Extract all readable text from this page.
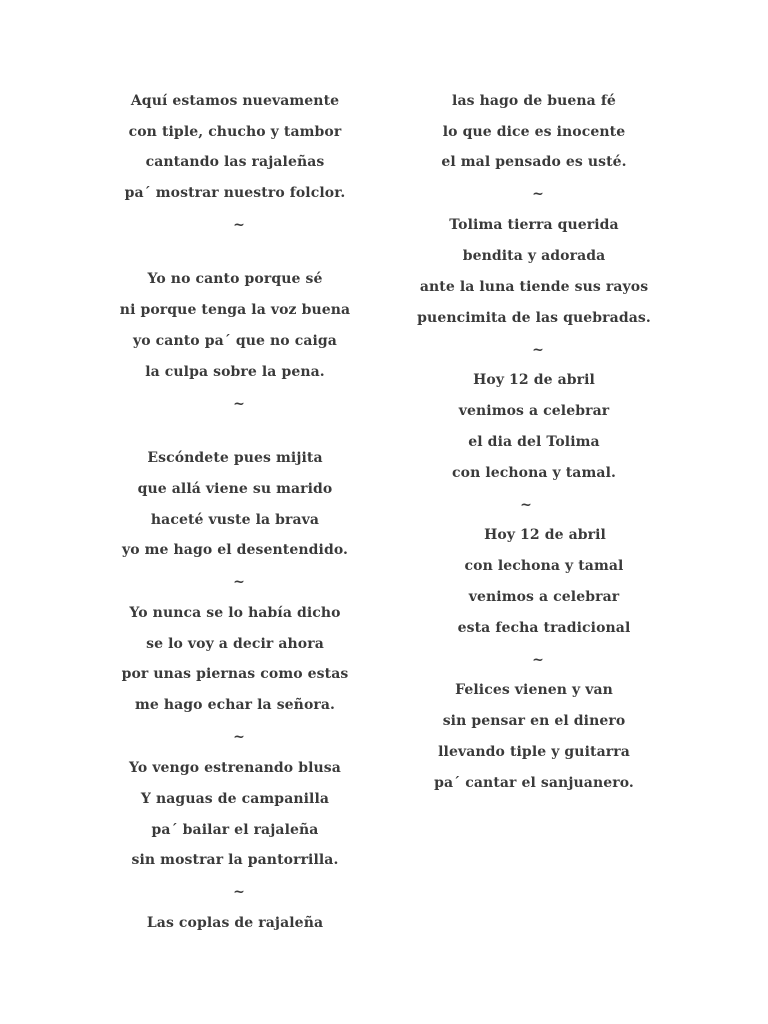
Aquí estamos nuevamente
con tiple, chucho y tambor
cantando las rajaleñas
pa´ mostrar nuestro folclor.
~
Yo no canto porque sé
ni porque tenga la voz buena
yo canto pa´ que no caiga
la culpa sobre la pena.
~
Escóndete pues mijita
que allá viene su marido
haceté vuste la brava
yo me hago el desentendido.
~
Yo nunca se lo había dicho
se lo voy a decir ahora
por unas piernas como estas
me hago echar la señora.
~
Yo vengo estrenando blusa
Y naguas de campanilla
pa´ bailar el rajaleña
sin mostrar la pantorrilla.
~
Las coplas de rajaleña
las hago de buena fé
lo que dice es inocente
el mal pensado es usté.
~
Tolima tierra querida
bendita y adorada
ante la luna tiende sus rayos
puencimita de las quebradas.
~
Hoy 12 de abril
venimos a celebrar
el dia del Tolima
con lechona y tamal.
~
Hoy 12 de abril
con lechona y tamal
venimos a celebrar
esta fecha tradicional
~
Felices vienen y van
sin pensar en el dinero
llevando tiple y guitarra
pa´ cantar el sanjuanero.
